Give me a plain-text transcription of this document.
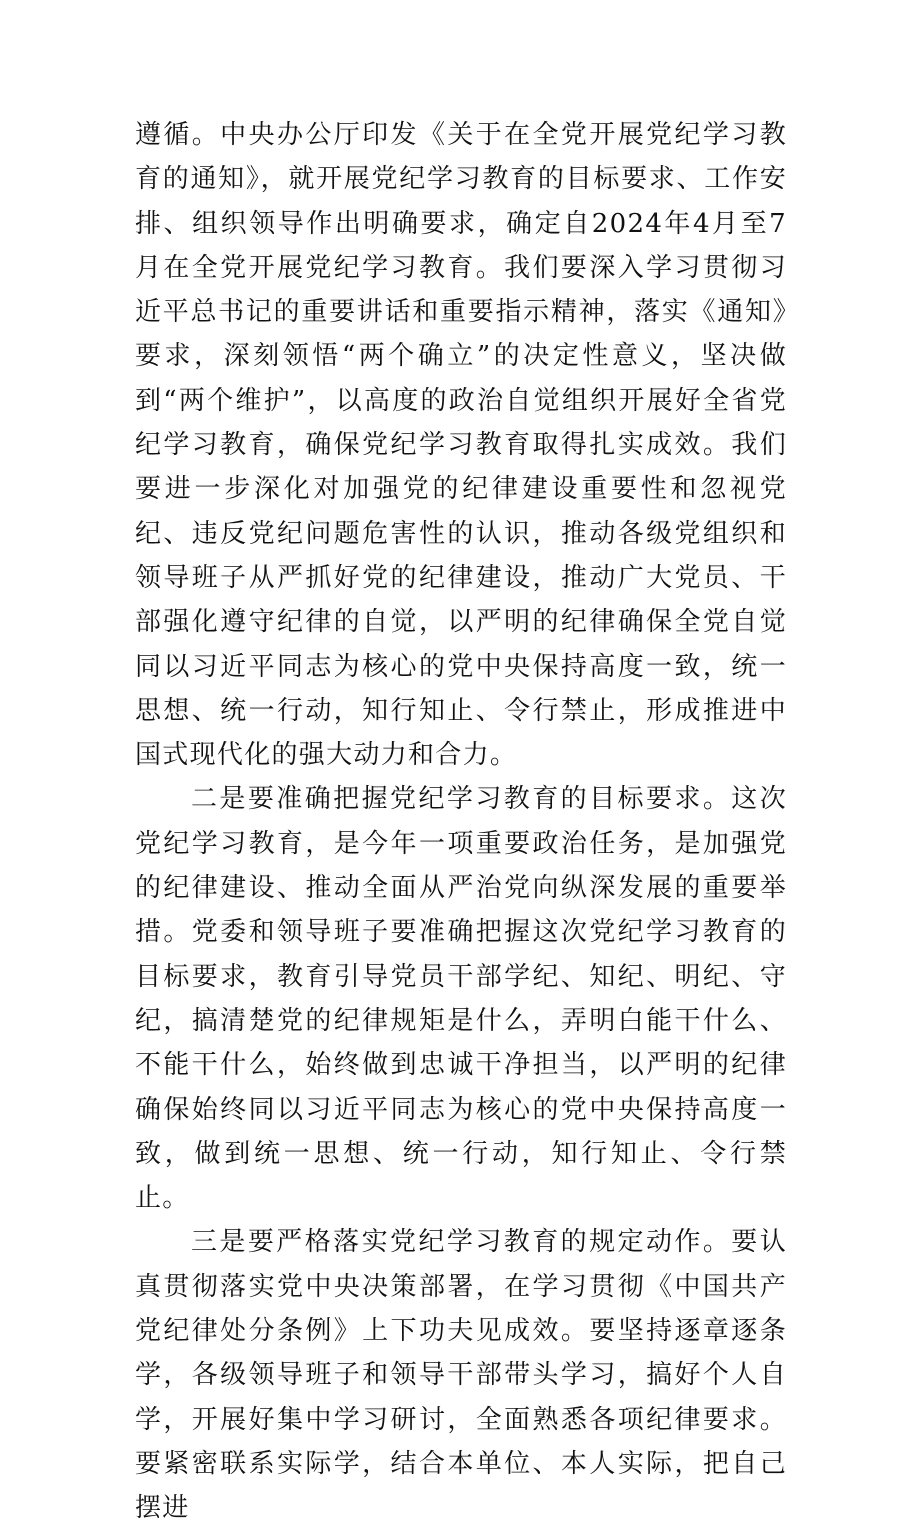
遵循。中央办公厅印发《关于在全党开展党纪学习教育的通知》，就开展党纪学习教育的目标要求、工作安排、组织领导作出明确要求，确定自2024年4月至7月在全党开展党纪学习教育。我们要深入学习贯彻习近平总书记的重要讲话和重要指示精神，落实《通知》要求，深刻领悟“两个确立”的决定性意义，坚决做到“两个维护”，以高度的政治自觉组织开展好全省党纪学习教育，确保党纪学习教育取得扎实成效。我们要进一步深化对加强党的纪律建设重要性和忽视党纪、违反党纪问题危害性的认识，推动各级党组织和领导班子从严抓好党的纪律建设，推动广大党员、干部强化遵守纪律的自觉，以严明的纪律确保全党自觉同以习近平同志为核心的党中央保持高度一致，统一思想、统一行动，知行知止、令行禁止，形成推进中国式现代化的强大动力和合力。

二是要准确把握党纪学习教育的目标要求。这次党纪学习教育，是今年一项重要政治任务，是加强党的纪律建设、推动全面从严治党向纵深发展的重要举措。党委和领导班子要准确把握这次党纪学习教育的目标要求，教育引导党员干部学纪、知纪、明纪、守纪，搞清楚党的纪律规矩是什么，弄明白能干什么、不能干什么，始终做到忠诚干净担当，以严明的纪律确保始终同以习近平同志为核心的党中央保持高度一致，做到统一思想、统一行动，知行知止、令行禁止。

三是要严格落实党纪学习教育的规定动作。要认真贯彻落实党中央决策部署，在学习贯彻《中国共产党纪律处分条例》上下功夫见成效。要坚持逐章逐条学，各级领导班子和领导干部带头学习，搞好个人自学，开展好集中学习研讨，全面熟悉各项纪律要求。要紧密联系实际学，结合本单位、本人实际，把自己摆进
